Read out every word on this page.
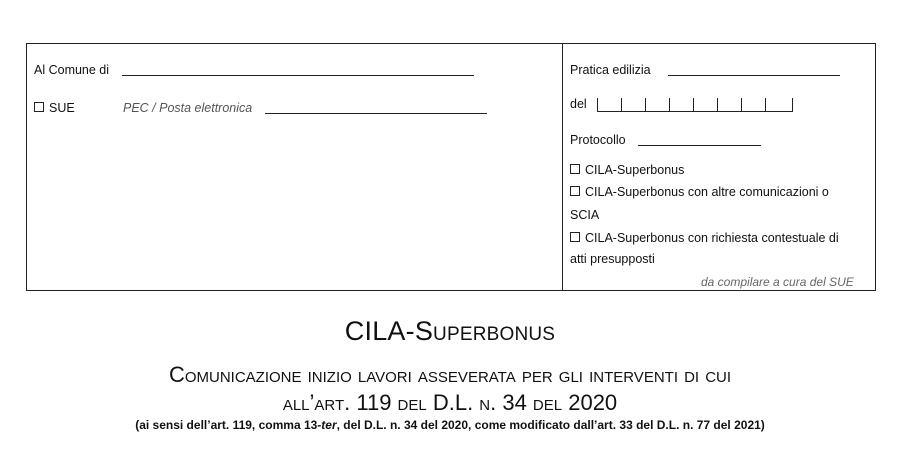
Al Comune di
SUE	PEC / Posta elettronica
Pratica edilizia
del
Protocollo
CILA-Superbonus
CILA-Superbonus con altre comunicazioni o
SCIA
CILA-Superbonus con richiesta contestuale di
atti presupposti
da compilare a cura del SUE
CILA-Superbonus
Comunicazione inizio lavori asseverata per gli interventi di cui
all’art. 119 del D.L. n. 34 del 2020
(ai sensi dell’art. 119, comma 13-ter, del D.L. n. 34 del 2020, come modificato dall’art. 33 del D.L. n. 77 del 2021)
